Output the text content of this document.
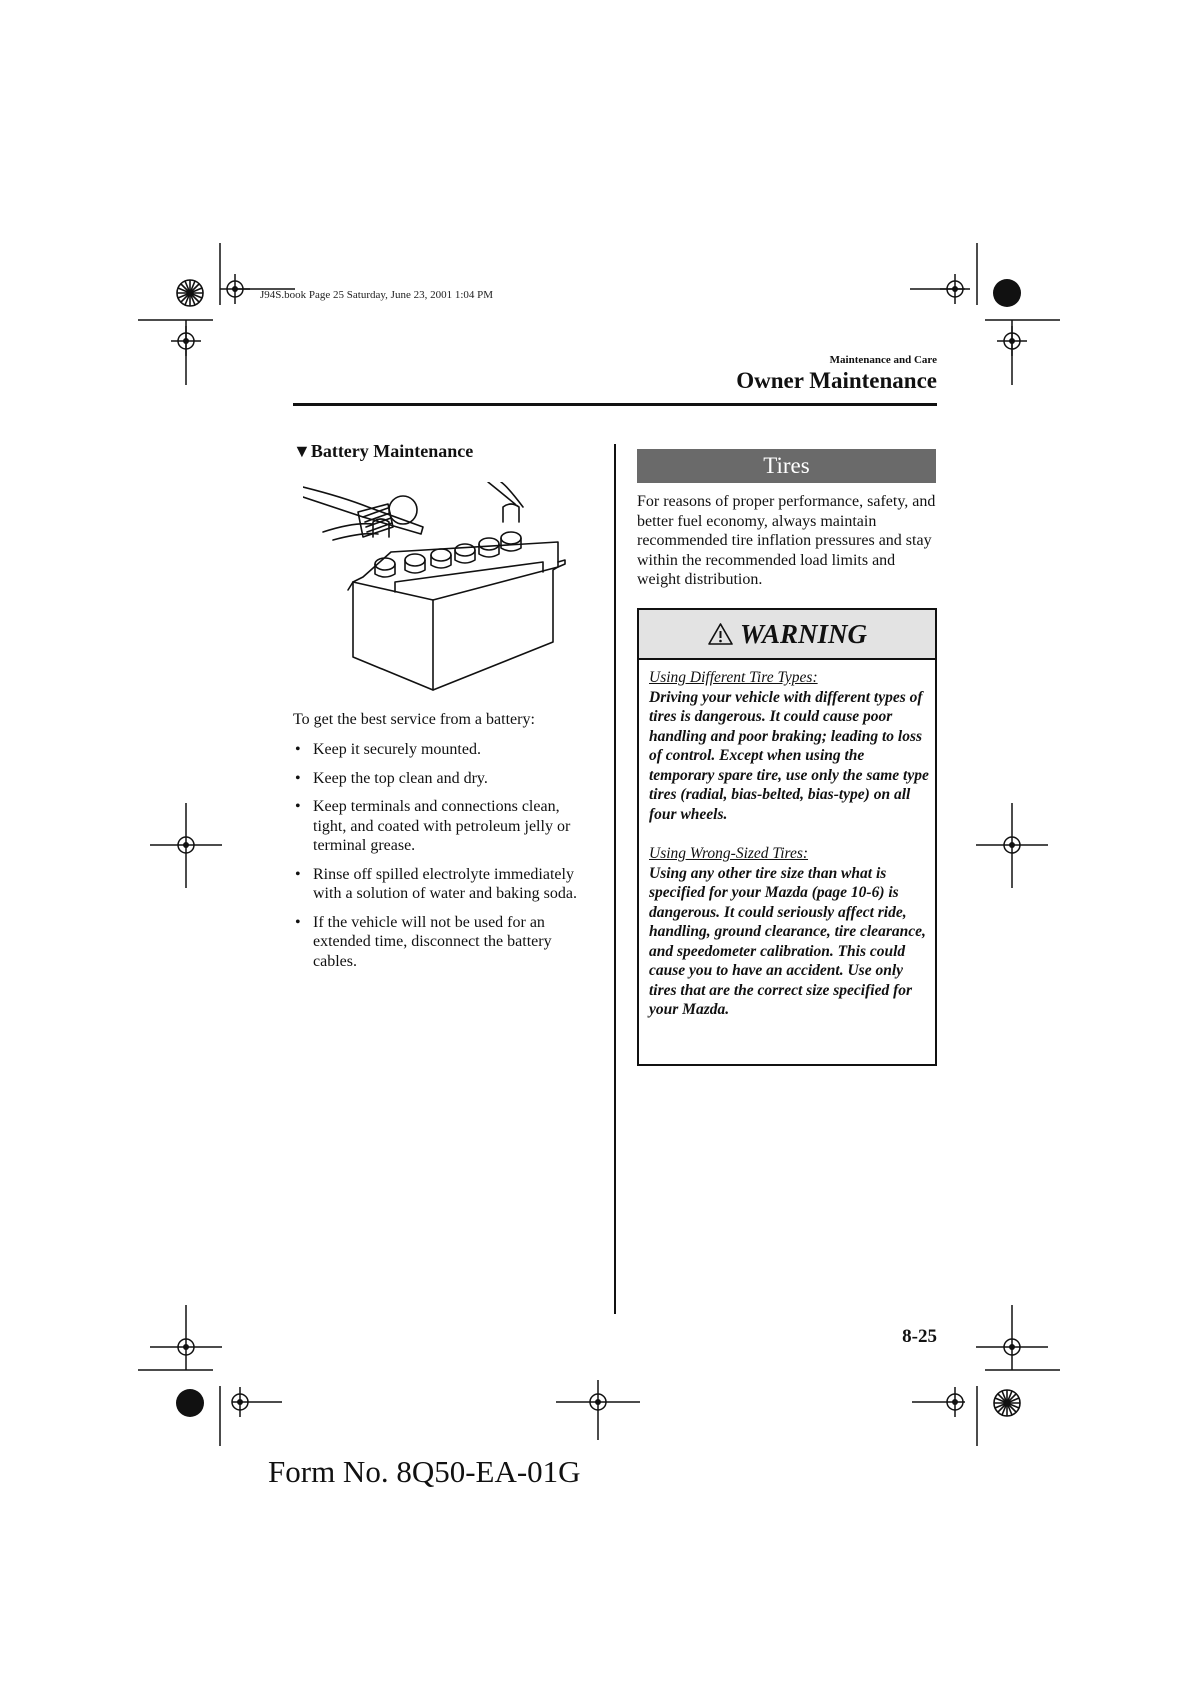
J94S.book Page 25 Saturday, June 23, 2001 1:04 PM
Maintenance and Care
Owner Maintenance
▼Battery Maintenance
To get the best service from a battery:
• Keep it securely mounted.
• Keep the top clean and dry.
• Keep terminals and connections clean, tight, and coated with petroleum jelly or terminal grease.
• Rinse off spilled electrolyte immediately with a solution of water and baking soda.
• If the vehicle will not be used for an extended time, disconnect the battery cables.
Tires

For reasons of proper performance, safety, and better fuel economy, always maintain recommended tire inflation pressures and stay within the recommended load limits and weight distribution.

WARNING
Using Different Tire Types:

Driving your vehicle with different types of tires is dangerous. It could cause poor handling and poor braking; leading to loss of control. Except when using the temporary spare tire, use only the same type tires (radial, bias-belted, bias-type) on all four wheels.

Using Wrong-Sized Tires:

Using any other tire size than what is specified for your Mazda (page 10-6) is dangerous. It could seriously affect ride, handling, ground clearance, tire clearance, and speedometer calibration. This could cause you to have an accident. Use only tires that are the correct size specified for your Mazda.

8-25
Form No. 8Q50-EA-01G
